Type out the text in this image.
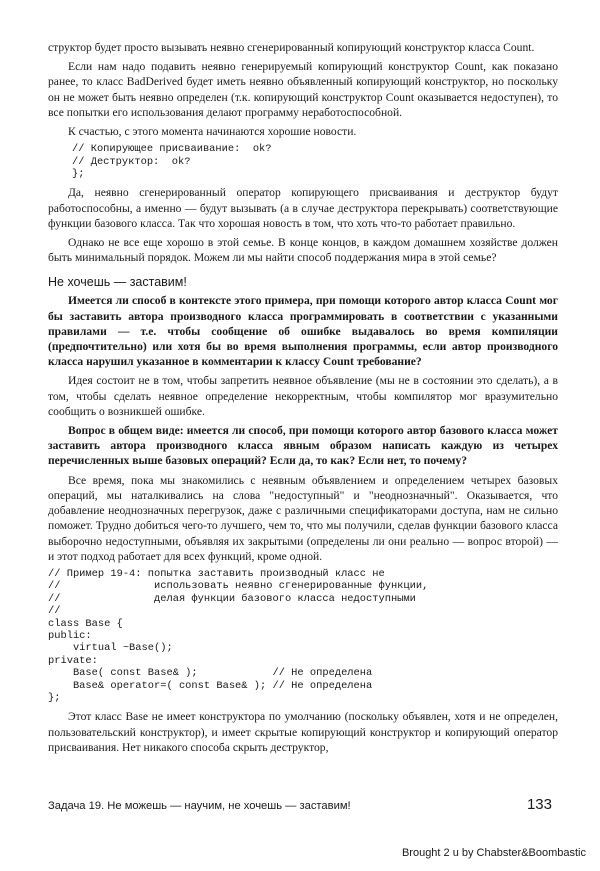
структор будет просто вызывать неявно сгенерированный копирующий конструктор класса Count.

Если нам надо подавить неявно генерируемый копирующий конструктор Count, как показано ранее, то класс BadDerived будет иметь неявно объявленный копирующий конструктор, но поскольку он не может быть неявно определен (т.к. копирующий конструктор Count оказывается недоступен), то все попытки его использования делают программу неработоспособной.

К счастью, с этого момента начинаются хорошие новости.

// Копирующее присваивание:  ok?
// Деструктор:  ok?
};

Да, неявно сгенерированный оператор копирующего присваивания и деструктор будут работоспособны, а именно — будут вызывать (а в случае деструктора перекрывать) соответствующие функции базового класса. Так что хорошая новость в том, что хоть что-то работает правильно.

Однако не все еще хорошо в этой семье. В конце концов, в каждом домашнем хозяйстве должен быть минимальный порядок. Можем ли мы найти способ поддержания мира в этой семье?

Не хочешь — заставим!

Имеется ли способ в контексте этого примера, при помощи которого автор класса Count мог бы заставить автора производного класса программировать в соответствии с указанными правилами — т.е. чтобы сообщение об ошибке выдавалось во время компиляции (предпочтительно) или хотя бы во время выполнения программы, если автор производного класса нарушил указанное в комментарии к классу Count требование?

Идея состоит не в том, чтобы запретить неявное объявление (мы не в состоянии это сделать), а в том, чтобы сделать неявное определение некорректным, чтобы компилятор мог вразумительно сообщить о возникшей ошибке.

Вопрос в общем виде: имеется ли способ, при помощи которого автор базового класса может заставить автора производного класса явным образом написать каждую из четырех перечисленных выше базовых операций? Если да, то как? Если нет, то почему?

Все время, пока мы знакомились с неявным объявлением и определением четырех базовых операций, мы наталкивались на слова "недоступный" и "неоднозначный". Оказывается, что добавление неоднозначных перегрузок, даже с различными спецификаторами доступа, нам не сильно поможет. Трудно добиться чего-то лучшего, чем то, что мы получили, сделав функции базового класса выборочно недоступными, объявляя их закрытыми (определены ли они реально — вопрос второй) — и этот подход работает для всех функций, кроме одной.

// Пример 19-4: попытка заставить производный класс не
//               использовать неявно сгенерированные функции,
//               делая функции базового класса недоступными
//
class Base {
public:
virtual ~Base();
private:
Base( const Base& );            // Не определена
Base& operator=( const Base& ); // Не определена
};

Этот класс Base не имеет конструктора по умолчанию (поскольку объявлен, хотя и не определен, пользовательский конструктор), и имеет скрытые копирующий конструктор и копирующий оператор присваивания. Нет никакого способа скрыть деструктор,

Задача 19. Не можешь — научим, не хочешь — заставим!	133
Brought 2 u by Chabster&Boombastic
